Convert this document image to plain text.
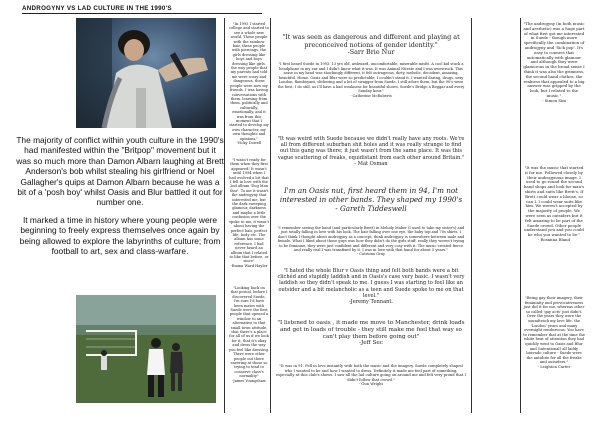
ANDROGYNY VS LAD CULTURE IN THE 1990'S
The majority of conflict within youth culture in the 1990's had manifested within the "Britpop" movement but it was so much more than Damon Albarn laughing at Brett Anderson's bob whilst stealing his girlfriend or Noel Gallagher's quips at Damon Albarn because he was a bit of a 'posh boy' whilst Oasis and Blur battled it out for number one.
It marked a time in history where young people were beginning to freely express themselves once again by being allowed to explore the labyrinths of culture; from football to art, sex and class-warfare.

"In 1993 I started college and started to see a whole new world. These people with the rainbow hair, these people with piercings, the girls dressing like boys and boys dressing like girls, the way people that my parents had told me were scary and dangerous, these people were now my friends. I was having conversations with them, learning from them, politically and culturally, emotionally, and it was from this moment that I started to develop my own character, my own thoughts and opinions."

-Vicky Dowell

"I wasn't ready for them when they first appeared! It wasn't until 1994 when I had evolved a bit that I fell in love with the 2nd album 'Dog Man Star'. To me it wasn't the androgyny that interested me, but the dark sweeping glamour, darkness and maybe a little confusion over the spoke to me, it wasn't about having the perfect hair, perfect life, body etc. The album has some reference. I had never heard an album that I related to like that before, or since"

-Emma Ward Hayler

"Looking back on that period, before I discovered Suede, I'm sure I'd have been mates with Suede were the first people that opened a window to an alternative to that small town attitude, that there's a place for all of us if we look for it, that it's okay and dress the way you feel like dressing. There were other people out there sneering at those so trying to tend to conserve class's normality"

-James Youngshaw

"It was seen as dangerous and different and playing at preconceived notions of gender identity."
-Sarr Brie Nur
"I first heard Suede in 1993, 13 yrs old, awkward, uncomfortable, miserable misfit. A cool kid stuck a headphone in my ear and I didn't know what it was. It was Animal Nitrate and I was awestruck. This noise in my head was shockingly different, it felt outrageous, dirty, melodic, decadent, amazing, beautiful. Home. Oasis and Blur were so predictable, I couldn't stand it. I wanted daring, drugs, sexy London, flamboyant, slithering and a bit of swagger from Suede. I still adore them, but the 90's were the best, I do still, as I'll have a bad weakness for beautiful shows, Suede's Bridge a Beggar and every Sunday hour."
- Catherine McRoberts
"It was weird with Suede because we didn't really have any roots. We're all from different suburban shit holes and it was really strange to find out this gang was there; it just wasn't from the same place. It was this vague scattering of freaks, equidistant from each other around Britain."
- Mat Osman
I'm an Oasis nut, first heard them in 94, I'm not interested in other bands. They shaped my 1990's
- Gareth Tiddeswell
"I remember seeing the band (and particularly Brett) in Melody Maker (I used to take my sister's) and just totally falling in love with his look. The hair falling over one eye, the baby top and 70s shirts. I don't think I thought about androgyny as a concept, think androgyny is somewhere between male and female. What I liked about those guys was how they didn't do the girls stuff, really they weren't trying to be feminine, they were just confident and different and very cosy with it. The music created fierce and really real I was transfixed by it. I was in love with that band for about 5 years."
- Catriona Gray
"I hated the whole Blur v Oasis thing and felt both bands were a bit clichéd and stupidly laddish and in Oasis's case very basic. I wasn't very laddish so they didn't speak to me. I guess I was starting to feel like an outsider and a bit melancholic as a teen and Suede spoke to me on that level."
-Jeremy Tennant.
"I listened to oasis , it made me move to Manchester, drink loads and get in loads of trouble - they still make me feel that way so can't play them before going out"
-Jeff Sec
"It was in 91. Fell in love instantly with both the music and the imagery. Suede completely shaped who I wanted to be and how I wanted to dress. Definitely it made me feel part of something, especially at this club's shows. I saw all the lad culture going on around me and felt very proud that I didn't follow that crowd."
- Gun Wright

"The androgyny (in both music and aesthetic) was a huge part of what first got me interested in Suede - though more specifically the combination of androgyny and 'Sick pop'. It's easy to connect that automatically with glamour and although they were glamorous in the broad sense I think it was also the grimness, the second hand clothes, the realness that appealed to a big answer was gripped by the look, but I related to the music."

- Simon Sim

"It was the music that started it for me. Followed closely by their androgynous image. I used to go round the second hand shops and look for man's shirts and suits like Brett's. If Brett could wear a blouse, so can I. I could wear suits like him. We weren't accepted by the majority of people. We were seen as outsiders but it felt amazing to be part of the Suede crowd. Other people understand you and you could be who you wanted to be."

- Rosanna Bland

"Being gay their imagery, their femininity and provocativeness just did it for me, whereas other so called 'gay acts' just didn't. Over the years they were the soundtrack my love life, the 'London' years and many overnight rendezvous. You have to remember that at the time the white heat of attention they had quickly went to Oasis and Blur and (intentional) all laddy bravado culture - Suede were the antidote for all the freaks and outsiders."

- Leighton Carter
